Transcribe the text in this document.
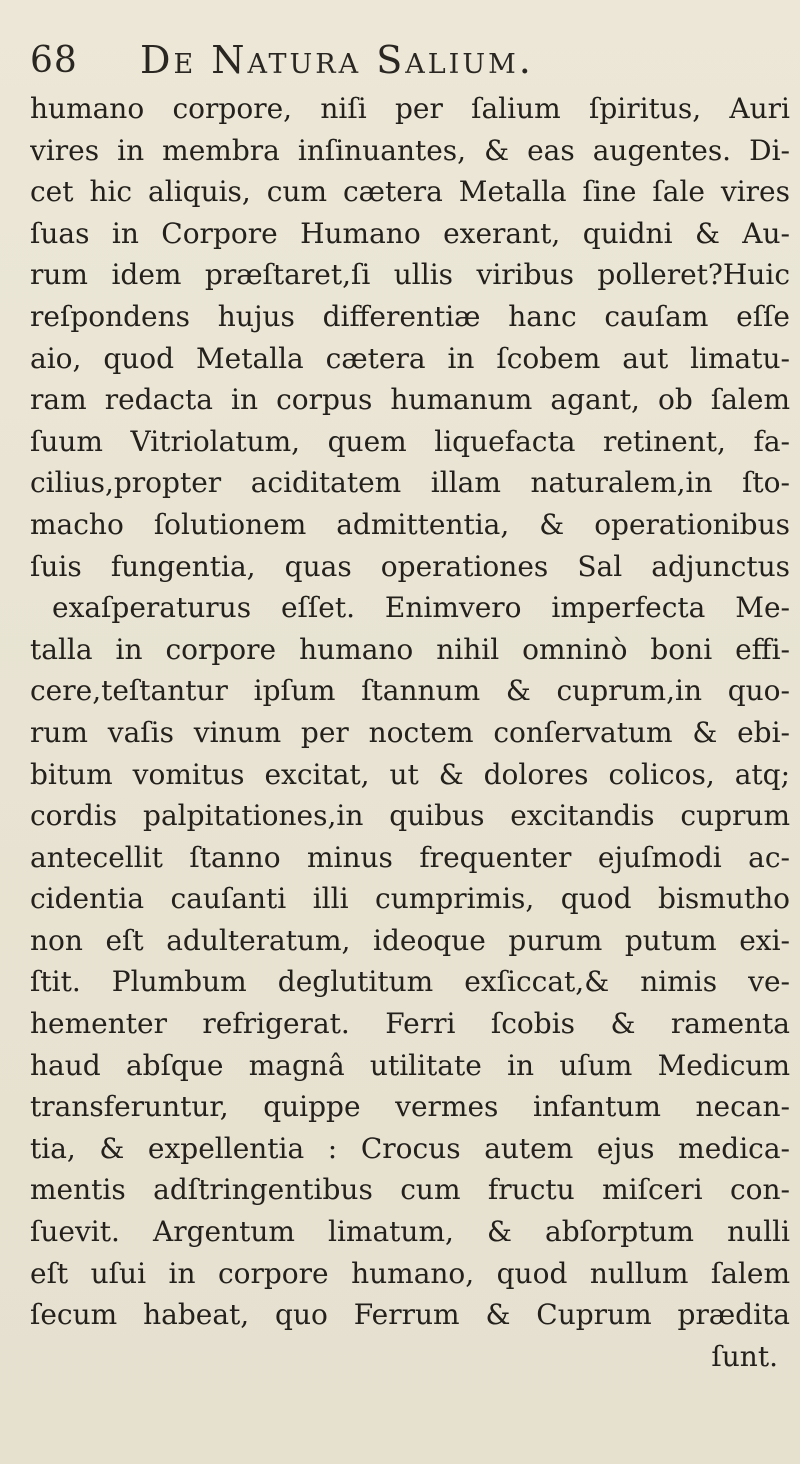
68 De Natura Salium.
humano corpore, niſi per ſalium ſpiritus, Auri
vires in membra inſinuantes, & eas augentes. Di-
cet hic aliquis, cum cætera Metalla ſine ſale vires
ſuas in Corpore Humano exerant, quidni & Au-
rum idem præſtaret,ſi ullis viribus polleret?Huic
reſpondens hujus differentiæ hanc cauſam eſſe
aio, quod Metalla cætera in ſcobem aut limatu-
ram redacta in corpus humanum agant, ob ſalem
ſuum Vitriolatum, quem liquefacta retinent, fa-
cilius,propter aciditatem illam naturalem,in ſto-
macho ſolutionem admittentia, & operationibus
ſuis fungentia, quas operationes Sal adjunctus
exaſperaturus eſſet. Enimvero imperfecta Me-
talla in corpore humano nihil omninò boni effi-
cere,teſtantur ipſum ſtannum & cuprum,in quo-
rum vaſis vinum per noctem conſervatum & ebi-
bitum vomitus excitat, ut & dolores colicos, atq;
cordis palpitationes,in quibus excitandis cuprum
antecellit ſtanno minus frequenter ejuſmodi ac-
cidentia cauſanti illi cumprimis, quod bismutho
non eſt adulteratum, ideoque purum putum exi-
ſtit. Plumbum deglutitum exſiccat,& nimis ve-
hementer refrigerat. Ferri ſcobis & ramenta
haud abſque magnâ utilitate in uſum Medicum
transferuntur, quippe vermes infantum necan-
tia, & expellentia : Crocus autem ejus medica-
mentis adſtringentibus cum fructu miſceri con-
ſuevit. Argentum limatum, & abſorptum nulli
eſt uſui in corpore humano, quod nullum ſalem
ſecum habeat, quo Ferrum & Cuprum prædita
ſunt.
